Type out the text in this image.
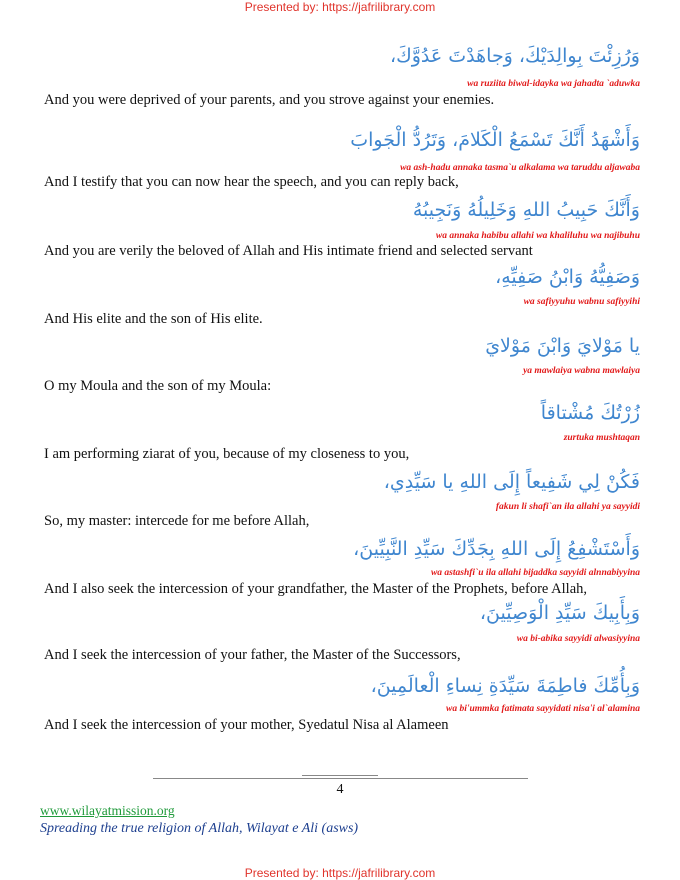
Presented by: https://jafrilibrary.com
وَرُزِئْتَ بِوالِدَيْكَ، وَجاهَدْتَ عَدُوَّكَ،
wa ruziita biwal-idayka wa jahadta `aduwka
And you were deprived of your parents, and you strove against your enemies.
وَأَشْهَدُ أَنَّكَ تَسْمَعُ الْكَلامَ، وَتَرُدُّ الْجَوابَ
wa ash-hadu annaka tasma`u alkalama wa taruddu aljawaba
And I testify that you can now hear the speech, and you can reply back,
وَأَنَّكَ حَبِيبُ اللهِ وَخَلِيلُهُ وَنَجِيبُهُ
wa annaka habibu allahi wa khaliluhu wa najibuhu
And you are verily the beloved of Allah and His intimate friend and selected servant
وَصَفِيُّهُ وَابْنُ صَفِيِّهِ،
wa safiyyuhu wabnu safiyyihi
And His elite and the son of His elite.
يا مَوْلايَ وَابْنَ مَوْلايَ
ya mawlaiya wabna mawlaiya
O my Moula and the son of my Moula:
زُرْتُكَ مُشْتاقاً
zurtuka mushtaqan
I am performing ziarat of you, because of my closeness to you,
فَكُنْ لِي شَفِيعاً إِلَى اللهِ يا سَيِّدِي،
fakun li shafi`an ila allahi ya sayyidi
So, my master: intercede for me before Allah,
وَأَسْتَشْفِعُ إِلَى اللهِ بِجَدِّكَ سَيِّدِ النَّبِيِّينَ،
wa astashfi`u ila allahi bijaddka sayyidi alnnabiyyina
And I also seek the intercession of your grandfather, the Master of the Prophets, before Allah,
وَبِأَبِيكَ سَيِّدِ الْوَصِيِّينَ،
wa bi-abika sayyidi alwasiyyina
And I seek the intercession of your father, the Master of the Successors,
وَبِأُمِّكَ فاطِمَةَ سَيِّدَةِ نِساءِ الْعالَمِينَ،
wa bi'ummka fatimata sayyidati nisa'i al`alamina
And I seek the intercession of your mother, Syedatul Nisa al Alameen
4
www.wilayatmission.org
Spreading the true religion of Allah, Wilayat e Ali (asws)
Presented by: https://jafrilibrary.com
